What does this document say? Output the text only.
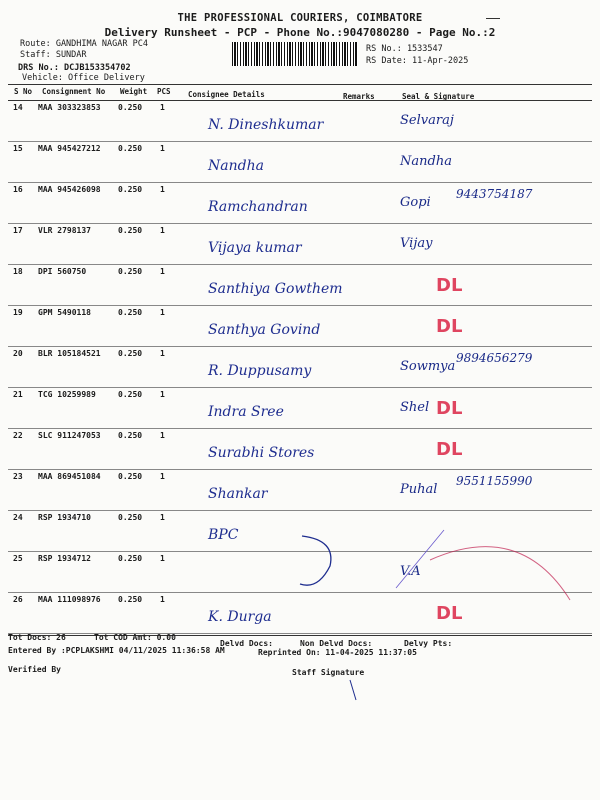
THE PROFESSIONAL COURIERS, COIMBATORE
Delivery Runsheet - PCP - Phone No.:9047080280 - Page No.:2
Route: GANDHIMA NAGAR PC4
Staff: SUNDAR
DRS No.: DCJB153354702
Vehicle: Office Delivery
RS No.: 1533547
RS Date: 11-Apr-2025
S No Consignment No Weight PCS Consignee Details	Remarks	Seal & Signature
14 MAA 303323853 0.250 1
N. Dineshkumar	Selvaraj
15 MAA 945427212 0.250 1
Nandha	Nandha
16 MAA 945426098 0.250 1
Ramchandran	Gopi
9443754187
17 VLR 2798137	0.250 1
Vijaya kumar	Vijay
18 DPI 560750	0.250 1
Santhiya Gowthem	DL
19 GPM 5490118	0.250 1
Santhya Govind	DL
20 BLR 105184521 0.250 1
R. Duppusamy	Sowmya
9894656279
21 TCG 10259989	0.250 1
Indra Sree	Shel DL
22 SLC 911247053 0.250 1
Surabhi Stores	DL
23 MAA 869451084 0.250 1
Shankar	Puhal
9551155990
24 RSP 1934710	0.250 1
BPC
25 RSP 1934712	0.250 1
V.A
26 MAA 111098976 0.250 1
K. Durga	DL
Tot Docs: 26	Tot COD Amt: 0.00
Delvd Docs:	Non Delvd Docs:	Delvy Pts:
Entered By :PCPLAKSHMI 04/11/2025 11:36:58 AM	Reprinted On: 11-04-2025 11:37:05
Verified By	Staff Signature
